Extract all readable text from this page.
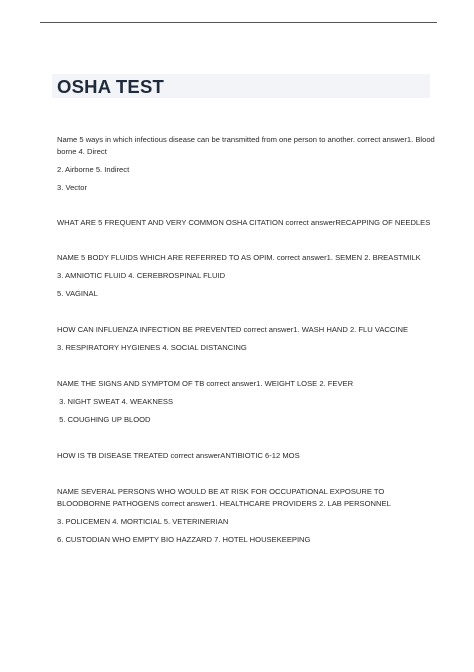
OSHA TEST
Name 5 ways in which infectious disease can be transmitted from one person to another. correct answer1. Blood borne 4. Direct
2. Airborne 5. Indirect
3. Vector
WHAT ARE 5 FREQUENT AND VERY COMMON OSHA CITATION correct answerRECAPPING OF NEEDLES
NAME 5 BODY FLUIDS WHICH ARE REFERRED TO AS OPIM. correct answer1. SEMEN 2. BREASTMILK
3. AMNIOTIC FLUID 4. CEREBROSPINAL FLUID
5. VAGINAL
HOW CAN INFLUENZA INFECTION BE PREVENTED correct answer1. WASH HAND 2. FLU VACCINE
3. RESPIRATORY HYGIENES 4. SOCIAL DISTANCING
NAME THE SIGNS AND SYMPTOM OF TB correct answer1. WEIGHT LOSE 2. FEVER
3. NIGHT SWEAT 4. WEAKNESS
5. COUGHING UP BLOOD
HOW IS TB DISEASE TREATED correct answerANTIBIOTIC 6-12 MOS
NAME SEVERAL PERSONS WHO WOULD BE AT RISK FOR OCCUPATIONAL EXPOSURE TO BLOODBORNE PATHOGENS correct answer1. HEALTHCARE PROVIDERS 2. LAB PERSONNEL
3. POLICEMEN 4. MORTICIAL 5. VETERINERIAN
6. CUSTODIAN WHO EMPTY BIO HAZZARD 7. HOTEL HOUSEKEEPING
